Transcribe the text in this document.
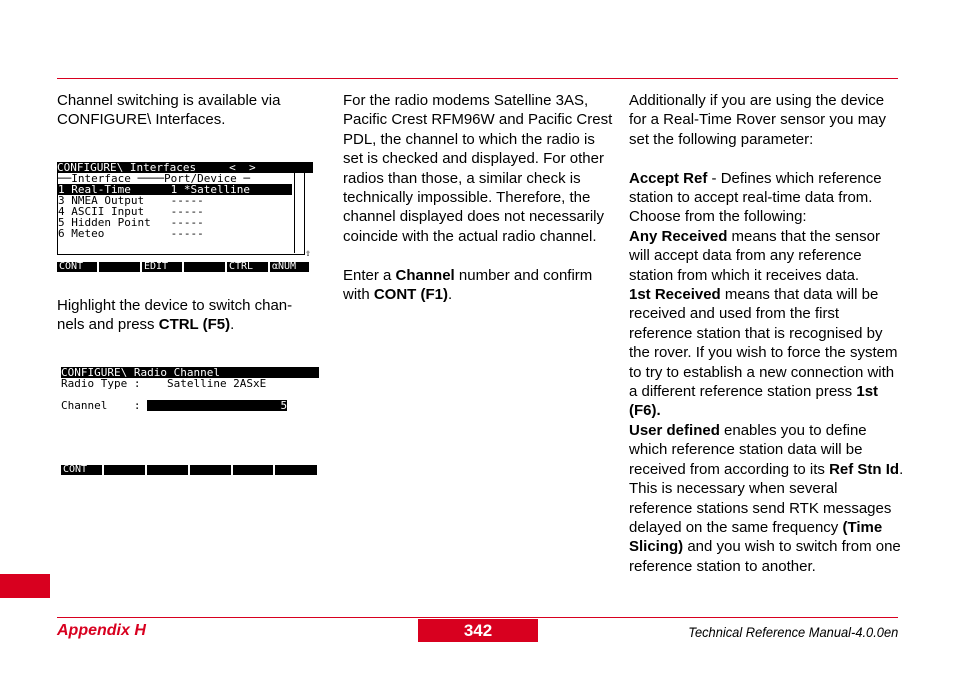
Channel switching is available via CONFIGURE\ Interfaces.

CONFIGURE\ Interfaces     <  >
──Interface ────Port/Device ─
1 Real-Time      1 *Satelline
3 NMEA Output    -----
4 ASCII Input    -----
5 Hidden Point   -----
6 Meteo          -----
⇧
CONT	EDIT	CTRL	αNUM

Highlight the device to switch chan-nels and press CTRL (F5).

CONFIGURE\ Radio Channel
Radio Type :    Satelline 2ASxE
Channel    :	5
CONT

For the radio modems Satelline 3AS, Pacific Crest RFM96W and Pacific Crest PDL, the channel to which the radio is set is checked and displayed. For other radios than those, a similar check is technically impossible. Therefore, the channel displayed does not necessarily coincide with the actual radio channel.

Enter a Channel number and confirm with CONT (F1).

Additionally if you are using the device for a Real-Time Rover sensor you may set the following parameter:

Accept Ref - Defines which reference station to accept real-time data from. Choose from the following:

Any Received means that the sensor will accept data from any reference station from which it receives data.

1st Received means that data will be received and used from the first reference station that is recognised by the rover. If you wish to force the system to try to establish a new connection with a different reference station press 1st (F6).

User defined enables you to define which reference station data will be received from according to its Ref Stn Id. This is necessary when several reference stations send RTK messages delayed on the same frequency (Time Slicing) and you wish to switch from one reference station to another.

Appendix H	342	Technical Reference Manual-4.0.0en
